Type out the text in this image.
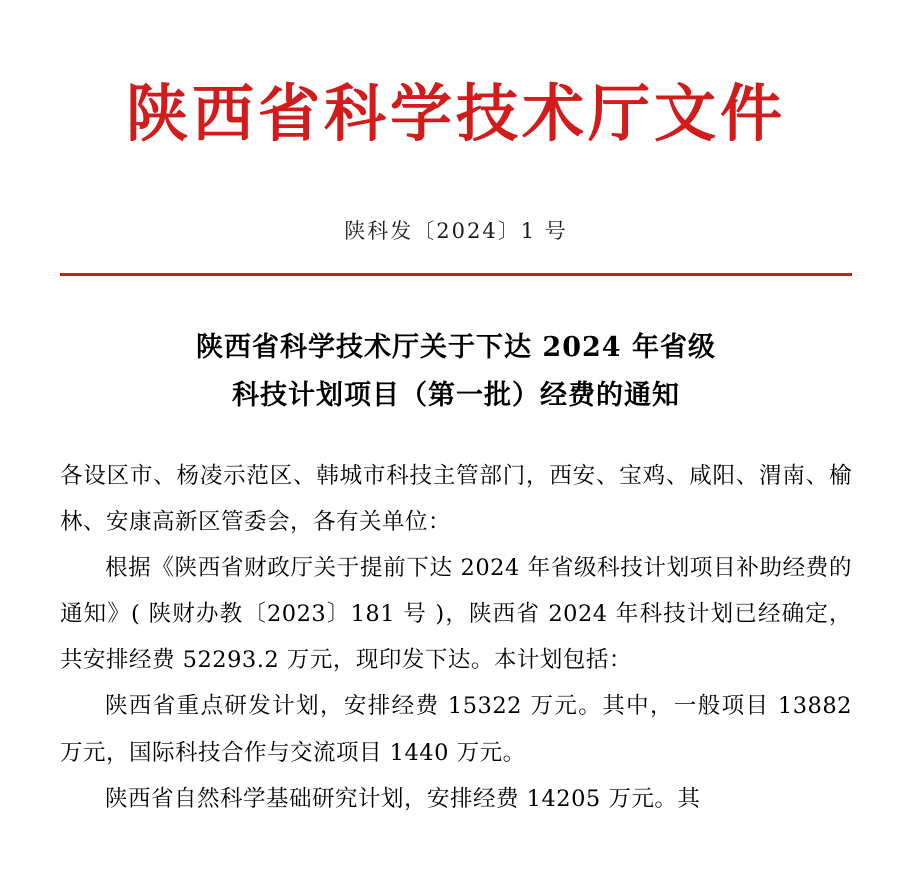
陕西省科学技术厅文件
陕科发〔2024〕1 号
陕西省科学技术厅关于下达 2024 年省级
科技计划项目（第一批）经费的通知

各设区市、杨凌示范区、韩城市科技主管部门，西安、宝鸡、咸阳、渭南、榆林、安康高新区管委会，各有关单位：

根据《陕西省财政厅关于提前下达 2024 年省级科技计划项目补助经费的通知》( 陕财办教〔2023〕181 号 )，陕西省 2024 年科技计划已经确定，共安排经费 52293.2 万元，现印发下达。本计划包括：

陕西省重点研发计划，安排经费 15322 万元。其中，一般项目 13882 万元，国际科技合作与交流项目 1440 万元。

陕西省自然科学基础研究计划，安排经费 14205 万元。其
